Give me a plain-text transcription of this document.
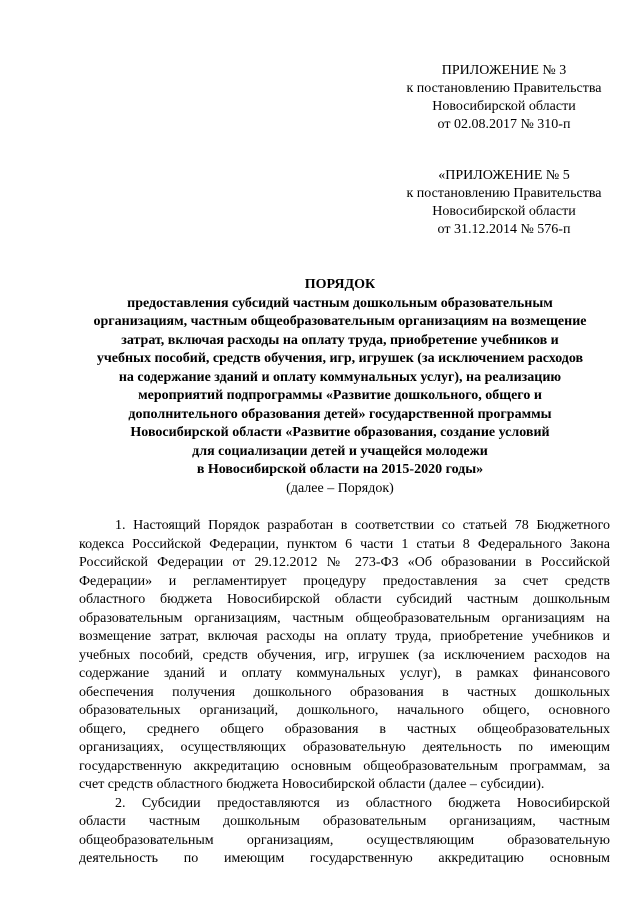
ПРИЛОЖЕНИЕ № 3
к постановлению Правительства
Новосибирской области
от 02.08.2017 № 310-п
«ПРИЛОЖЕНИЕ № 5
к постановлению Правительства
Новосибирской области
от 31.12.2014 № 576-п
ПОРЯДОК
предоставления субсидий частным дошкольным образовательным
организациям, частным общеобразовательным организациям на возмещение
затрат, включая расходы на оплату труда, приобретение учебников и
учебных пособий, средств обучения, игр, игрушек (за исключением расходов
на содержание зданий и оплату коммунальных услуг), на реализацию
мероприятий подпрограммы «Развитие дошкольного, общего и
дополнительного образования детей» государственной программы
Новосибирской области «Развитие образования, создание условий
для социализации детей и учащейся молодежи
в Новосибирской области на 2015-2020 годы»
(далее – Порядок)
1. Настоящий Порядок разработан в соответствии со статьей 78 Бюджетного
кодекса Российской Федерации, пунктом 6 части 1 статьи 8 Федерального Закона
Российской Федерации от 29.12.2012 № 273-ФЗ «Об образовании в Российской
Федерации» и регламентирует процедуру предоставления за счет средств
областного бюджета Новосибирской области субсидий частным дошкольным
образовательным организациям, частным общеобразовательным организациям на
возмещение затрат, включая расходы на оплату труда, приобретение учебников и
учебных пособий, средств обучения, игр, игрушек (за исключением расходов на
содержание зданий и оплату коммунальных услуг), в рамках финансового
обеспечения получения дошкольного образования в частных дошкольных
образовательных организаций, дошкольного, начального общего, основного
общего, среднего общего образования в частных общеобразовательных
организациях, осуществляющих образовательную деятельность по имеющим
государственную аккредитацию основным общеобразовательным программам, за
счет средств областного бюджета Новосибирской области (далее – субсидии).
2. Субсидии предоставляются из областного бюджета Новосибирской
области частным дошкольным образовательным организациям, частным
общеобразовательным организациям, осуществляющим образовательную
деятельность по имеющим государственную аккредитацию основным
